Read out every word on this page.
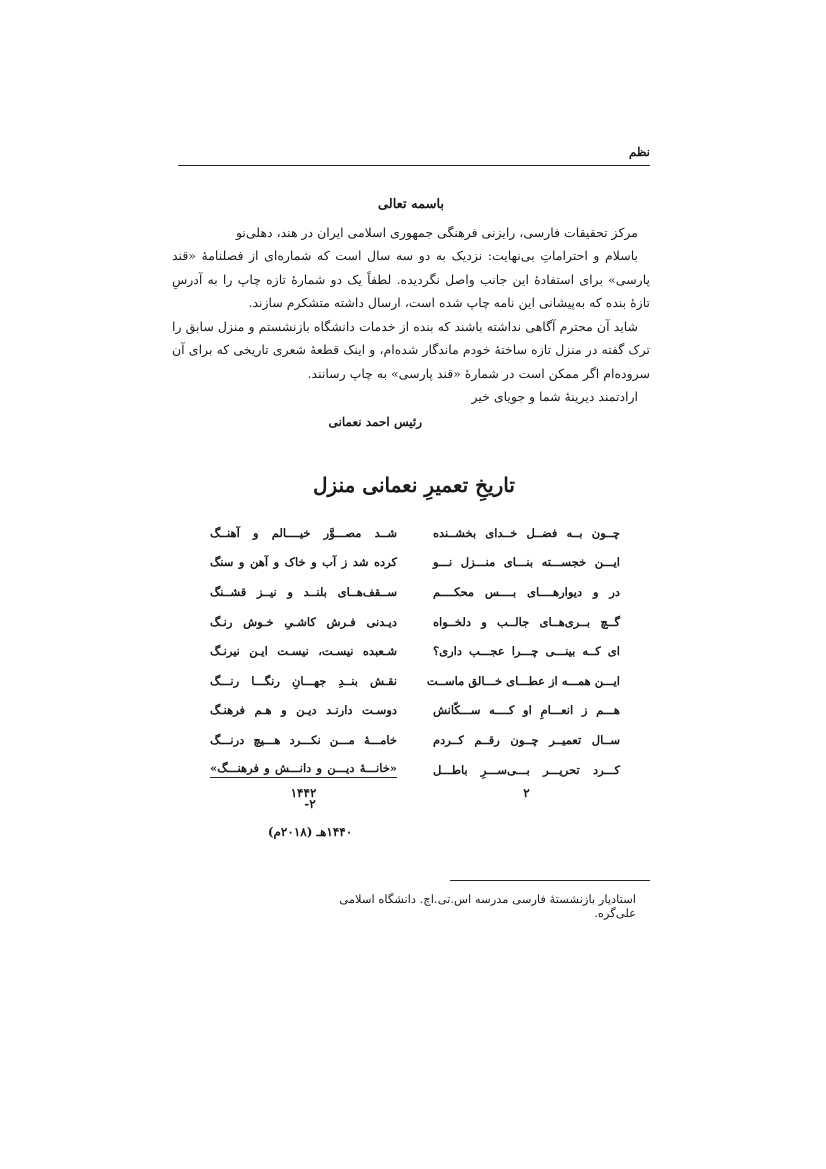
نظم
باسمه تعالی

مرکز تحقیقات فارسی، رایزنی فرهنگی جمهوری اسلامی ایران در هند، دهلی‌نو

باسلام و احتراماتِ بی‌نهایت: نزدیک به دو سه سال است که شماره‌ای از فصلنامهٔ «قند پارسی» برای استفادهٔ این جانب واصل نگردیده. لطفاً یک دو شمارهٔ تازه چاپ را به آدرسِ تازهٔ بنده که به‌پیشانی این نامه چاپ شده است، ارسال داشته متشکرم سازند.

شاید آن محترم آگاهی نداشته باشند که بنده از خدمات دانشگاه بازنشستم و منزل سابق را ترک گفته در منزل تازه ساختهٔ خودم ماندگار شده‌ام، و اینک قطعهٔ شعری تاریخی که برای آن سروده‌ام اگر ممکن است در شمارهٔ «قند پارسی» به چاپ رسانند.

ارادتمند دیرینهٔ شما و جویای خیر

رئیس احمد نعمانی
تاریخِ تعمیرِ نعمانی منزل
چــون بــه فضــل خــدای بخشــنده
شــد مصـــوَّر خیــــالم و آهنــگ
ایـــن خجســـته بنـــای منـــزل نـــو
کرده شد ز آب و خاک و آهن و سنگ
در و دیوارهــــای بــــس محکــــم
ســقف‌هــای بلنــد و نیــز قشــنگ
گــچ بــری‌هــای جالــب و دلخــواه
دیـدنی فـرش کاشـیِ خـوش رنـگ
ای کــه بینـــی چـــرا عجـــب داری؟
شـعبده نیسـت، نیسـت ایـن نیرنـگ
ایـــن همـــه از عطـــای خـــالق ماســت
نقـش بنــدِ جهـــانِ رنگـــا رنـــگ
هـــم ز انعـــامِ او کــــه ســـکّانش
دوسـت دارنـد دیـن و هـم فرهنـگ
ســال تعمیــر چــون رقــم کــردم
خامـــهٔ مـــن نکـــرد هـــیچ درنـــگ
کـــرد تحریـــر بـــی‌ســـرِ باطـــل
«خانـــهٔ دیـــن و دانـــش و فرهنـــگ»
۲
۱۴۴۲
۲-
۱۴۴۰هـ (۲۰۱۸م)
استادیار بازنشستهٔ فارسی مدرسه اس.تی.اچ. دانشگاه اسلامی علی‌گره.
